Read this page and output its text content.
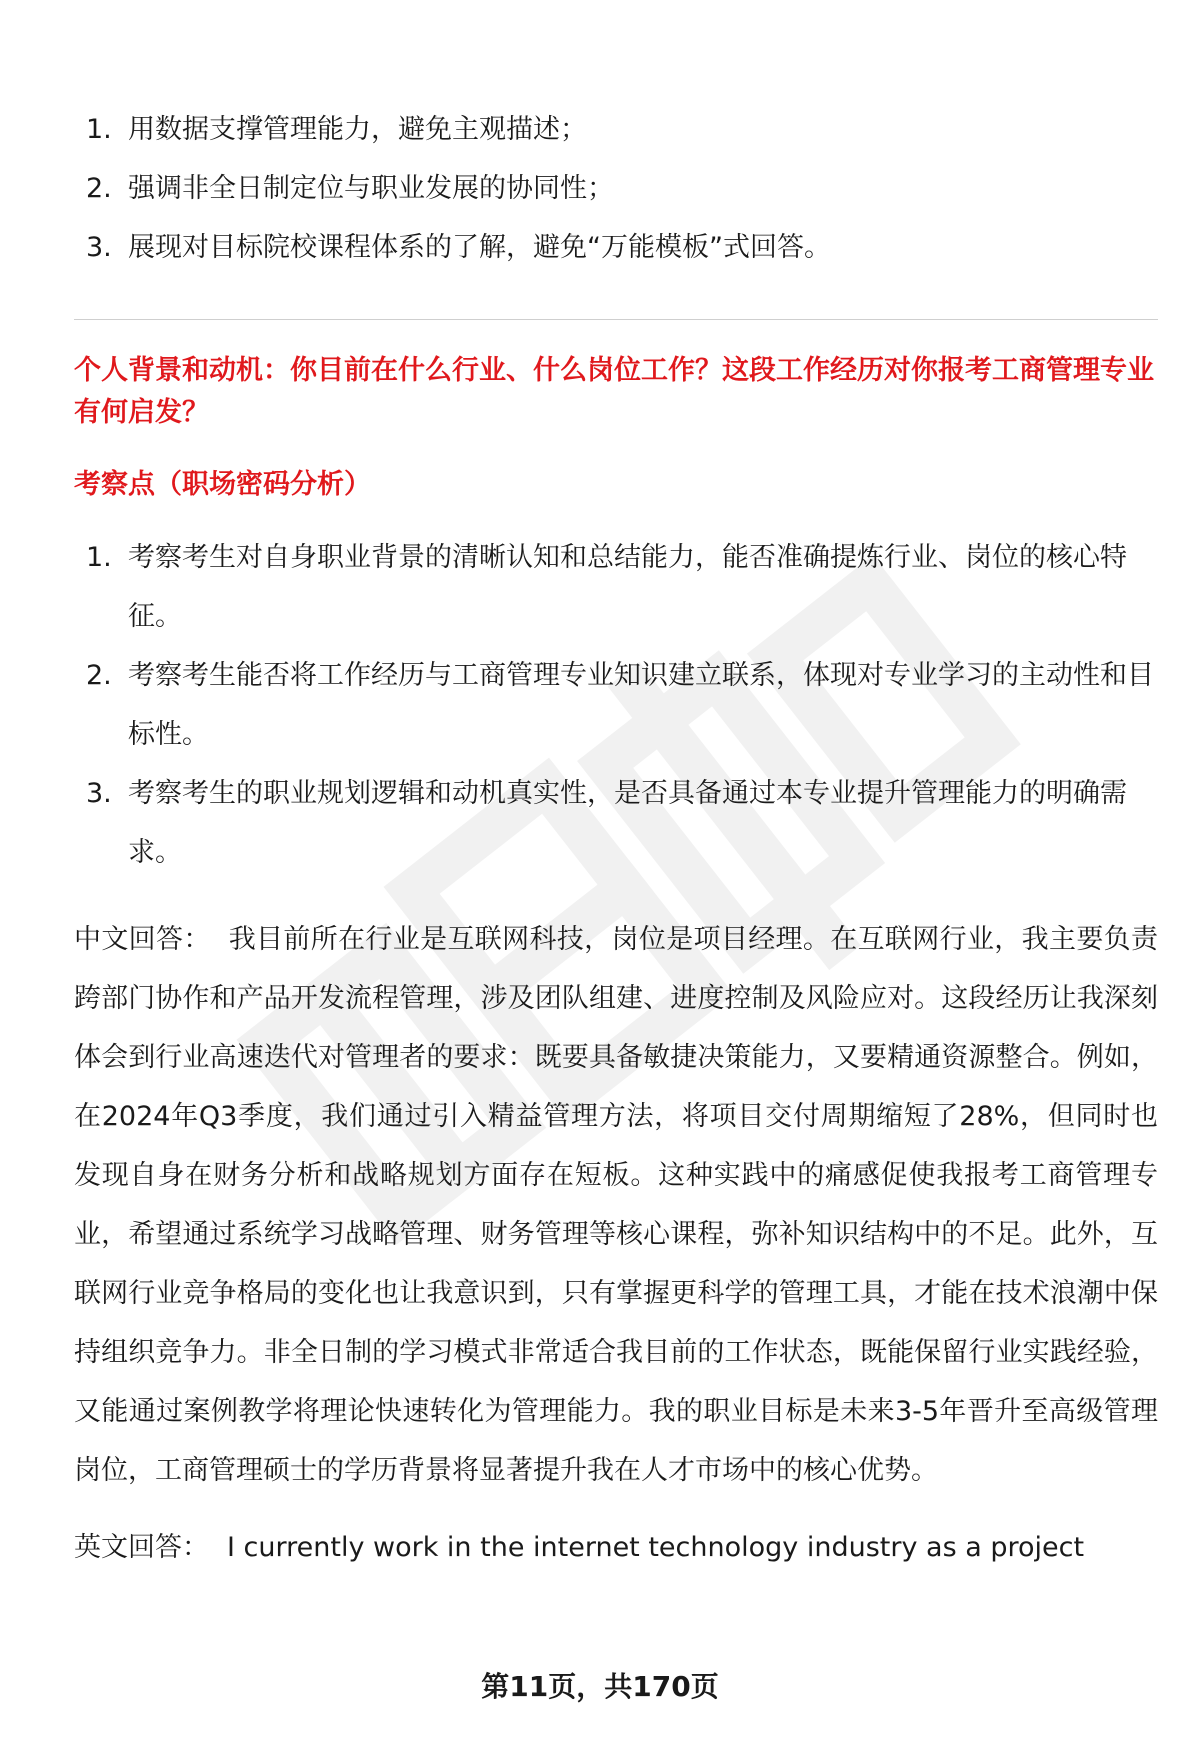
1. 用数据支撑管理能力，避免主观描述；
2. 强调非全日制定位与职业发展的协同性；
3. 展现对目标院校课程体系的了解，避免“万能模板”式回答。

个人背景和动机：你目前在什么行业、什么岗位工作？这段工作经历对你报考工商管理专业有何启发？

考察点（职场密码分析）

1. 考察考生对自身职业背景的清晰认知和总结能力，能否准确提炼行业、岗位的核心特征。
2. 考察考生能否将工作经历与工商管理专业知识建立联系，体现对专业学习的主动性和目标性。
3. 考察考生的职业规划逻辑和动机真实性，是否具备通过本专业提升管理能力的明确需求。

中文回答： 我目前所在行业是互联网科技，岗位是项目经理。在互联网行业，我主要负责跨部门协作和产品开发流程管理，涉及团队组建、进度控制及风险应对。这段经历让我深刻体会到行业高速迭代对管理者的要求：既要具备敏捷决策能力，又要精通资源整合。例如，在2024年Q3季度，我们通过引入精益管理方法，将项目交付周期缩短了28%，但同时也发现自身在财务分析和战略规划方面存在短板。这种实践中的痛感促使我报考工商管理专业，希望通过系统学习战略管理、财务管理等核心课程，弥补知识结构中的不足。此外，互联网行业竞争格局的变化也让我意识到，只有掌握更科学的管理工具，才能在技术浪潮中保持组织竞争力。非全日制的学习模式非常适合我目前的工作状态，既能保留行业实践经验，又能通过案例教学将理论快速转化为管理能力。我的职业目标是未来3-5年晋升至高级管理岗位，工商管理硕士的学历背景将显著提升我在人才市场中的核心优势。

英文回答： I currently work in the internet technology industry as a project

第11页，共170页
